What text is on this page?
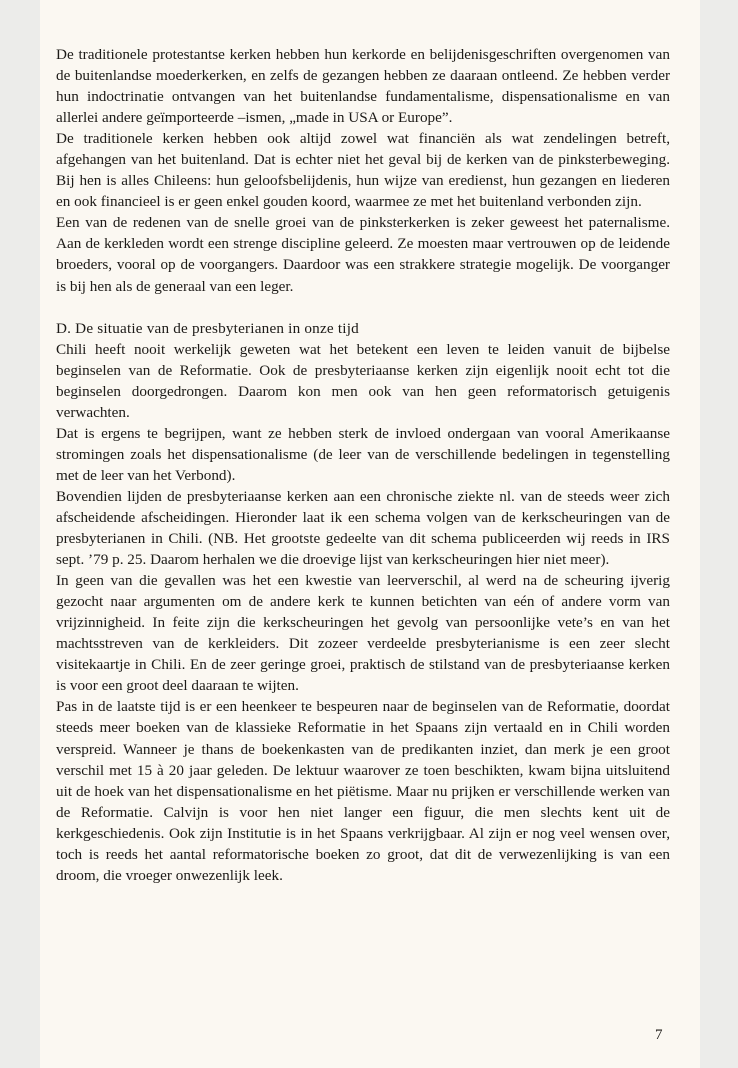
De traditionele protestantse kerken hebben hun kerkorde en belijdenisgeschriften overgenomen van de buitenlandse moederkerken, en zelfs de gezangen hebben ze daaraan ontleend. Ze hebben verder hun indoctrinatie ontvangen van het buitenlandse fundamentalisme, dispensationalisme en van allerlei andere geïmporteerde –ismen, „made in USA or Europe”.

De traditionele kerken hebben ook altijd zowel wat financiën als wat zendelingen betreft, afgehangen van het buitenland. Dat is echter niet het geval bij de kerken van de pinksterbeweging. Bij hen is alles Chileens: hun geloofsbelijdenis, hun wijze van eredienst, hun gezangen en liederen en ook financieel is er geen enkel gouden koord, waarmee ze met het buitenland verbonden zijn.

Een van de redenen van de snelle groei van de pinksterkerken is zeker geweest het paternalisme. Aan de kerkleden wordt een strenge discipline geleerd. Ze moesten maar vertrouwen op de leidende broeders, vooral op de voorgangers. Daardoor was een strakkere strategie mogelijk. De voorganger is bij hen als de generaal van een leger.

D. De situatie van de presbyterianen in onze tijd

Chili heeft nooit werkelijk geweten wat het betekent een leven te leiden vanuit de bijbelse beginselen van de Reformatie. Ook de presbyteriaanse kerken zijn eigenlijk nooit echt tot die beginselen doorgedrongen. Daarom kon men ook van hen geen reformatorisch getuigenis verwachten.

Dat is ergens te begrijpen, want ze hebben sterk de invloed ondergaan van vooral Amerikaanse stromingen zoals het dispensationalisme (de leer van de verschillende bedelingen in tegenstelling met de leer van het Verbond).

Bovendien lijden de presbyteriaanse kerken aan een chronische ziekte nl. van de steeds weer zich afscheidende afscheidingen. Hieronder laat ik een schema volgen van de kerkscheuringen van de presbyterianen in Chili. (NB. Het grootste gedeelte van dit schema publiceerden wij reeds in IRS sept. ’79 p. 25. Daarom herhalen we die droevige lijst van kerkscheuringen hier niet meer).

In geen van die gevallen was het een kwestie van leerverschil, al werd na de scheuring ijverig gezocht naar argumenten om de andere kerk te kunnen betichten van eén of andere vorm van vrijzinnigheid. In feite zijn die kerkscheuringen het gevolg van persoonlijke vete’s en van het machtsstreven van de kerkleiders. Dit zozeer verdeelde presbyterianisme is een zeer slecht visitekaartje in Chili. En de zeer geringe groei, praktisch de stilstand van de presbyteriaanse kerken is voor een groot deel daaraan te wijten.

Pas in de laatste tijd is er een heenkeer te bespeuren naar de beginselen van de Reformatie, doordat steeds meer boeken van de klassieke Reformatie in het Spaans zijn vertaald en in Chili worden verspreid. Wanneer je thans de boekenkasten van de predikanten inziet, dan merk je een groot verschil met 15 à 20 jaar geleden. De lektuur waarover ze toen beschikten, kwam bijna uitsluitend uit de hoek van het dispensationalisme en het piëtisme. Maar nu prijken er verschillende werken van de Reformatie. Calvijn is voor hen niet langer een figuur, die men slechts kent uit de kerkgeschiedenis. Ook zijn Institutie is in het Spaans verkrijgbaar. Al zijn er nog veel wensen over, toch is reeds het aantal reformatorische boeken zo groot, dat dit de verwezenlijking is van een droom, die vroeger onwezenlijk leek.

7
